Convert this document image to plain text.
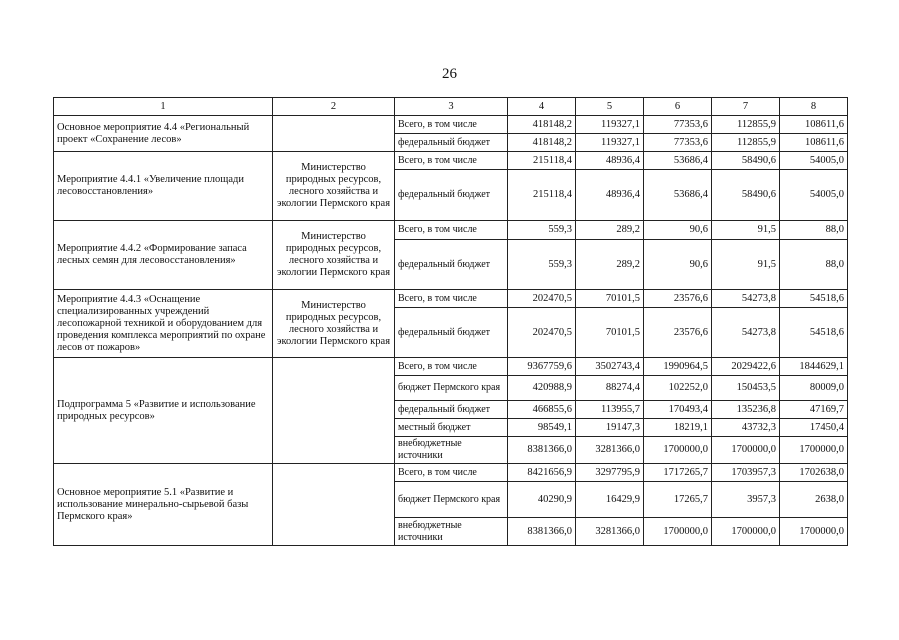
26
1	2	3	4	5	6	7	8
Основное мероприятие 4.4 «Региональный проект «Сохранение лесов»		Всего, в том числе	418148,2	119327,1	77353,6	112855,9	108611,6
		федеральный бюджет	418148,2	119327,1	77353,6	112855,9	108611,6
Мероприятие 4.4.1 «Увеличение площади лесовосстановления»	Министерство природных ресурсов, лесного хозяйства и экологии Пермского края	Всего, в том числе	215118,4	48936,4	53686,4	58490,6	54005,0
		федеральный бюджет	215118,4	48936,4	53686,4	58490,6	54005,0
Мероприятие 4.4.2 «Формирование запаса лесных семян для лесовосстановления»	Министерство природных ресурсов, лесного хозяйства и экологии Пермского края	Всего, в том числе	559,3	289,2	90,6	91,5	88,0
		федеральный бюджет	559,3	289,2	90,6	91,5	88,0
Мероприятие 4.4.3 «Оснащение специализированных учреждений лесопожарной техникой и оборудованием для проведения комплекса мероприятий по охране лесов от пожаров»	Министерство природных ресурсов, лесного хозяйства и экологии Пермского края	Всего, в том числе	202470,5	70101,5	23576,6	54273,8	54518,6
		федеральный бюджет	202470,5	70101,5	23576,6	54273,8	54518,6
Подпрограмма 5 «Развитие и использование природных ресурсов»		Всего, в том числе	9367759,6	3502743,4	1990964,5	2029422,6	1844629,1
		бюджет Пермского края	420988,9	88274,4	102252,0	150453,5	80009,0
		федеральный бюджет	466855,6	113955,7	170493,4	135236,8	47169,7
		местный бюджет	98549,1	19147,3	18219,1	43732,3	17450,4
		внебюджетные источники	8381366,0	3281366,0	1700000,0	1700000,0	1700000,0
Основное мероприятие 5.1 «Развитие и использование минерально-сырьевой базы Пермского края»		Всего, в том числе	8421656,9	3297795,9	1717265,7	1703957,3	1702638,0
		бюджет Пермского края	40290,9	16429,9	17265,7	3957,3	2638,0
		внебюджетные источники	8381366,0	3281366,0	1700000,0	1700000,0	1700000,0
